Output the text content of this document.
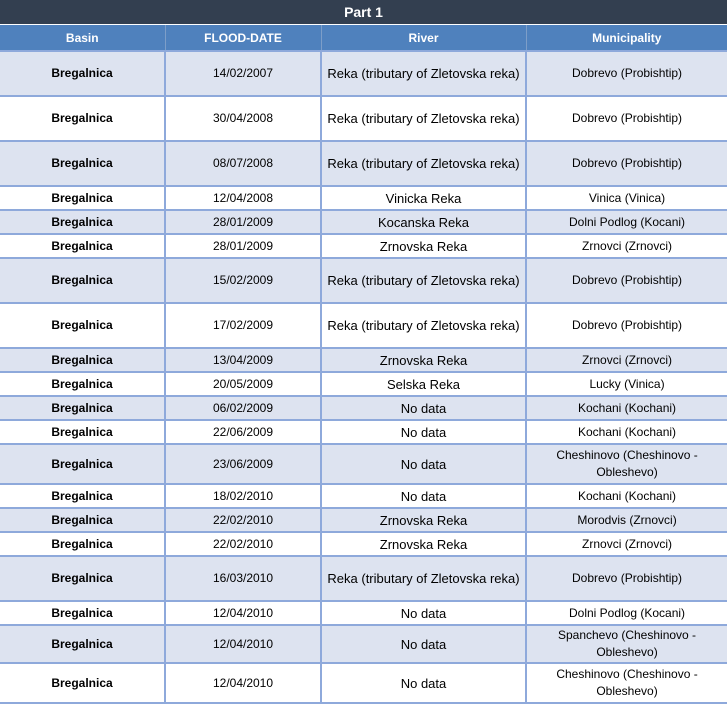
Part 1			
Basin	FLOOD-DATE	River	Municipality
Bregalnica	14/02/2007	Reka (tributary of Zletovska reka)	Dobrevo (Probishtip)
Bregalnica	30/04/2008	Reka (tributary of Zletovska reka)	Dobrevo (Probishtip)
Bregalnica	08/07/2008	Reka (tributary of Zletovska reka)	Dobrevo (Probishtip)
Bregalnica	12/04/2008	Vinicka Reka	Vinica (Vinica)
Bregalnica	28/01/2009	Kocanska Reka	Dolni Podlog (Kocani)
Bregalnica	28/01/2009	Zrnovska Reka	Zrnovci (Zrnovci)
Bregalnica	15/02/2009	Reka (tributary of Zletovska reka)	Dobrevo (Probishtip)
Bregalnica	17/02/2009	Reka (tributary of Zletovska reka)	Dobrevo (Probishtip)
Bregalnica	13/04/2009	Zrnovska Reka	Zrnovci (Zrnovci)
Bregalnica	20/05/2009	Selska Reka	Lucky (Vinica)
Bregalnica	06/02/2009	No data	Kochani (Kochani)
Bregalnica	22/06/2009	No data	Kochani (Kochani)
Bregalnica	23/06/2009	No data	Cheshinovo (Cheshinovo - Obleshevo)
Bregalnica	18/02/2010	No data	Kochani (Kochani)
Bregalnica	22/02/2010	Zrnovska Reka	Morodvis (Zrnovci)
Bregalnica	22/02/2010	Zrnovska Reka	Zrnovci (Zrnovci)
Bregalnica	16/03/2010	Reka (tributary of Zletovska reka)	Dobrevo (Probishtip)
Bregalnica	12/04/2010	No data	Dolni Podlog (Kocani)
Bregalnica	12/04/2010	No data	Spanchevo (Cheshinovo - Obleshevo)
Bregalnica	12/04/2010	No data	Cheshinovo (Cheshinovo - Obleshevo)
